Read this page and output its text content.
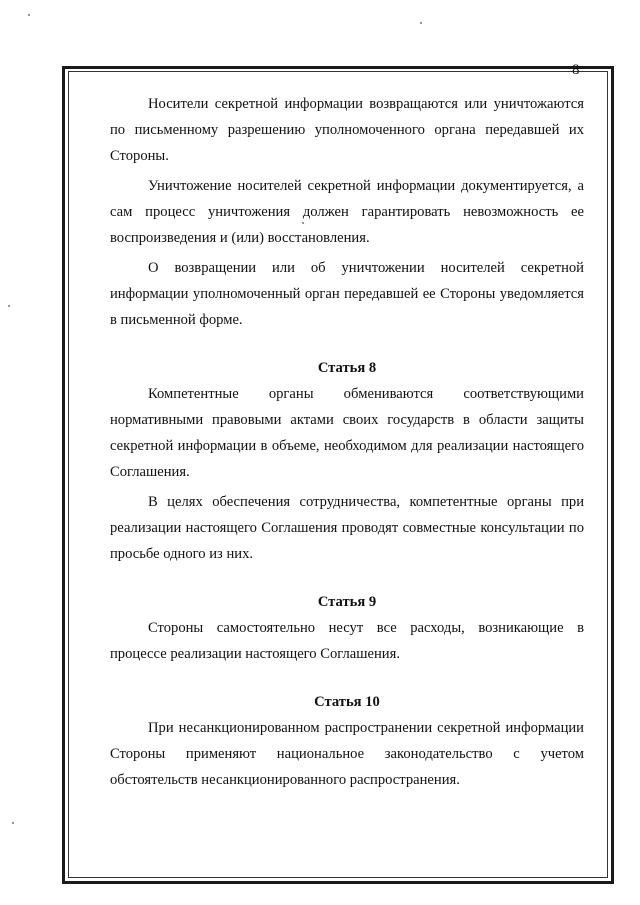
8

Носители секретной информации возвращаются или уничтожаются по письменному разрешению уполномоченного органа передавшей их Стороны.

Уничтожение носителей секретной информации документируется, а сам процесс уничтожения должен гарантировать невозможность ее воспроизведения и (или) восстановления.

О возвращении или об уничтожении носителей секретной информации уполномоченный орган передавшей ее Стороны уведомляется в письменной форме.

Статья 8

Компетентные органы обмениваются соответствующими нормативными правовыми актами своих государств в области защиты секретной информации в объеме, необходимом для реализации настоящего Соглашения.

В целях обеспечения сотрудничества, компетентные органы при реализации настоящего Соглашения проводят совместные консультации по просьбе одного из них.

Статья 9

Стороны самостоятельно несут все расходы, возникающие в процессе реализации настоящего Соглашения.

Статья 10

При несанкционированном распространении секретной информации Стороны применяют национальное законодательство с учетом обстоятельств несанкционированного распространения.
